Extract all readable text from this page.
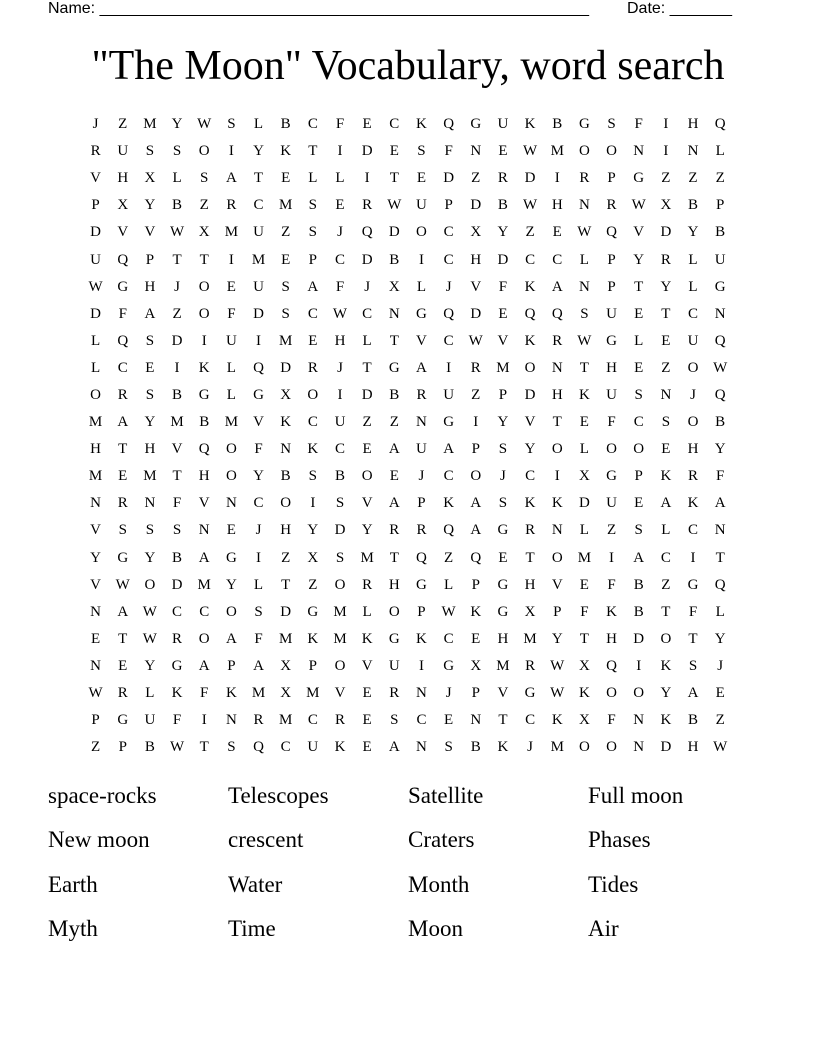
Name: _______________________________________________________ Date: _______
"The Moon" Vocabulary, word search
J	Z	M	Y W	S	L	B	C	F	E	C	K	Q	G	U	K	B	G	S	F	I	H	Q
R	U	S	S	O	I	Y	K	T	I	D	E	S	F	N	E	W M	O	O	N	I	N	L
V	H	X	L	S	A	T	E	L	L	I	T	E	D	Z	R	D	I	R	P	G	Z	Z	Z
P	X	Y	B	Z	R	C	M	S	E	R	W U	P	D	B	W H	N	R	W X	B	P
D	V	V W X	M	U	Z	S	J	Q	D	O	C	X	Y	Z	E	W Q	V	D	Y	B
U	Q	P	T	T	I	M	E	P	C	D	B	I	C	H	D	C	C	L	P	Y	R	L	U
W G	H	J	O	E	U	S	A	F	J	X	L	J	V	F	K	A	N	P	T	Y	L	G
D	F	A	Z	O	F	D	S	C	W	C	N	G	Q	D	E	Q	Q	S	U	E	T	C	N
L	Q	S	D	I	U	I	M	E	H	L	T	V	C	W V	K	R	W G	L	E	U	Q
L	C	E	I	K	L	Q	D	R	J	T	G	A	I	R	M	O	N	T	H	E	Z	O W
O	R	S	B	G	L	G	X	O	I	D	B	R	U	Z	P	D	H	K	U	S	N	J	Q
M	A	Y	M	B	M	V	K	C	U	Z	Z	N	G	I	Y	V	T	E	F	C	S	O	B
H	T	H	V	Q	O	F	N	K	C	E	A	U	A	P	S	Y	O	L	O	O	E	H	Y
M	E	M	T	H	O	Y	B	S	B	O	E	J	C	O	J	C	I	X	G	P	K	R	F
N	R	N	F	V	N	C	O	I	S	V	A	P	K	A	S	K	K	D	U	E	A	K	A
V	S	S	S	N	E	J	H	Y	D	Y	R	R	Q	A	G	R	N	L	Z	S	L	C	N
Y	G	Y	B	A	G	I	Z	X	S	M	T	Q	Z	Q	E	T	O	M	I	A	C	I	T
V W O	D	M	Y	L	T	Z	O	R	H	G	L	P	G	H	V	E	F	B	Z	G	Q
N	A W	C	C	O	S	D	G	M	L	O	P	W K	G	X	P	F	K	B	T	F	L
E	T	W	R	O	A	F	M	K	M	K	G	K	C	E	H	M	Y	T	H	D	O	T	Y
N	E	Y	G	A	P	A	X	P	O	V	U	I	G	X	M	R	W X	Q	I	K	S	J
W	R	L	K	F	K	M	X	M	V	E	R	N	J	P	V	G W K	O	O	Y	A	E
P	G	U	F	I	N	R	M	C	R	E	S	C	E	N	T	C	K	X	F	N	K	B	Z
Z	P	B	W	T	S	Q	C	U	K	E	A	N	S	B	K	J	M	O	O	N	D	H W
space-rocks	Telescopes	Satellite	Full moon
New moon	crescent	Craters	Phases
Earth	Water	Month	Tides
Myth	Time	Moon	Air
